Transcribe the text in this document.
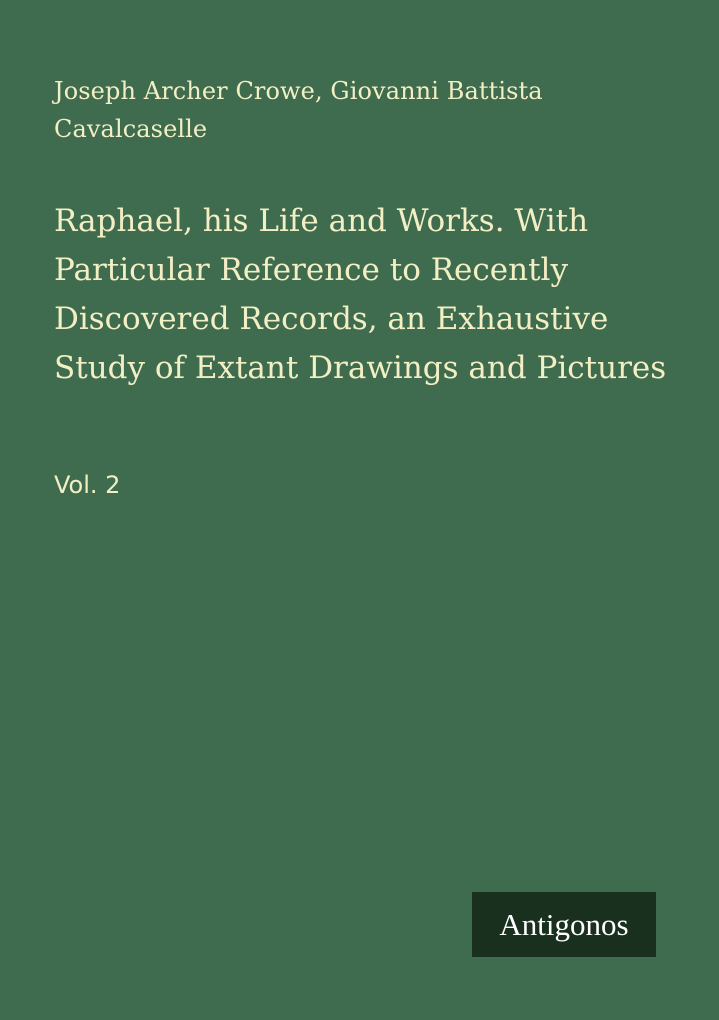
Joseph Archer Crowe, Giovanni Battista Cavalcaselle
Raphael, his Life and Works. With Particular Reference to Recently Discovered Records, an Exhaustive Study of Extant Drawings and Pictures
Vol. 2
Antigonos
